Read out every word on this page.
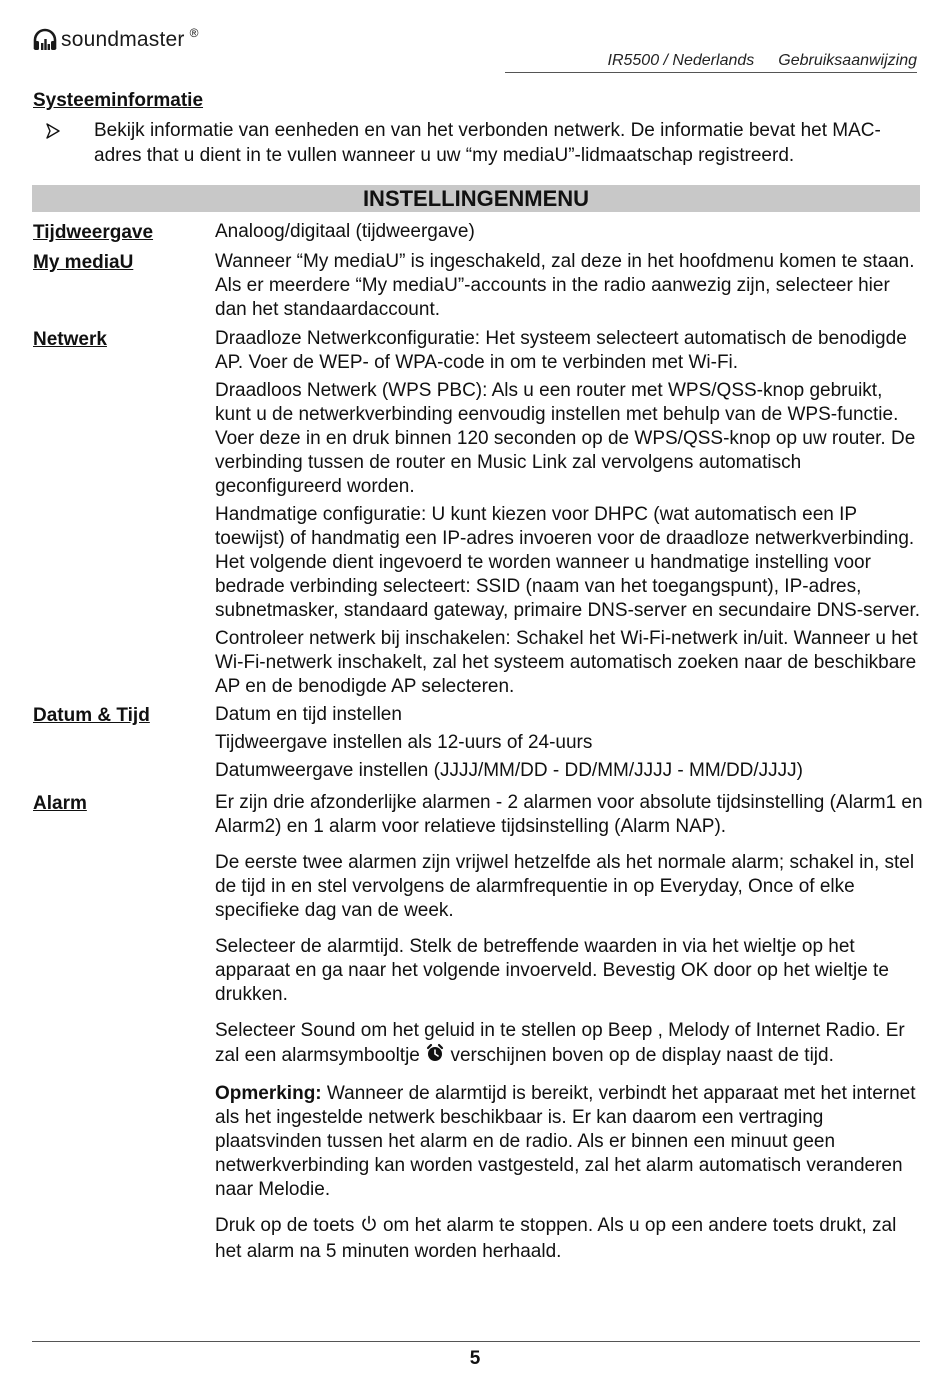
soundmaster ®
IR5500 / Nederlands Gebruiksaanwijzing
Systeeminformatie
Bekijk informatie van eenheden en van het verbonden netwerk. De informatie bevat het MAC-adres that u dient in te vullen wanneer u uw “my mediaU”-lidmaatschap registreerd.
INSTELLINGENMENU
Tijdweergave	Analoog/digitaal (tijdweergave)

My mediaU	Wanneer “My mediaU” is ingeschakeld, zal deze in het hoofdmenu komen te staan. Als er meerdere “My mediaU”-accounts in the radio aanwezig zijn, selecteer hier dan het standaardaccount.

Netwerk	Draadloze Netwerkconfiguratie: Het systeem selecteert automatisch de benodigde AP. Voer de WEP- of WPA-code in om te verbinden met Wi-Fi.

Draadloos Netwerk (WPS PBC): Als u een router met WPS/QSS-knop gebruikt, kunt u de netwerkverbinding eenvoudig instellen met behulp van de WPS-functie. Voer deze in en druk binnen 120 seconden op de WPS/QSS-knop op uw router. De verbinding tussen de router en Music Link zal vervolgens automatisch geconfigureerd worden.

Handmatige configuratie: U kunt kiezen voor DHPC (wat automatisch een IP toewijst) of handmatig een IP-adres invoeren voor de draadloze netwerkverbinding. Het volgende dient ingevoerd te worden wanneer u handmatige instelling voor bedrade verbinding selecteert: SSID (naam van het toegangspunt), IP-adres, subnetmasker, standaard gateway, primaire DNS-server en secundaire DNS-server.

Controleer netwerk bij inschakelen: Schakel het Wi-Fi-netwerk in/uit. Wanneer u het Wi-Fi-netwerk inschakelt, zal het systeem automatisch zoeken naar de beschikbare AP en de benodigde AP selecteren.

Datum & Tijd	Datum en tijd instellen

Tijdweergave instellen als 12-uurs of 24-uurs

Datumweergave instellen (JJJJ/MM/DD - DD/MM/JJJJ - MM/DD/JJJJ)

Alarm	Er zijn drie afzonderlijke alarmen - 2 alarmen voor absolute tijdsinstelling (Alarm1 en Alarm2) en 1 alarm voor relatieve tijdsinstelling (Alarm NAP).

De eerste twee alarmen zijn vrijwel hetzelfde als het normale alarm; schakel in, stel de tijd in en stel vervolgens de alarmfrequentie in op Everyday, Once of elke specifieke dag van de week.

Selecteer de alarmtijd. Stelk de betreffende waarden in via het wieltje op het apparaat en ga naar het volgende invoerveld. Bevestig OK door op het wieltje te drukken.

Selecteer Sound om het geluid in te stellen op Beep , Melody of Internet Radio. Er zal een alarmsymbooltje verschijnen boven op de display naast de tijd.

Opmerking: Wanneer de alarmtijd is bereikt, verbindt het apparaat met het internet als het ingestelde netwerk beschikbaar is. Er kan daarom een vertraging plaatsvinden tussen het alarm en de radio. Als er binnen een minuut geen netwerkverbinding kan worden vastgesteld, zal het alarm automatisch veranderen naar Melodie.

Druk op de toets om het alarm te stoppen. Als u op een andere toets drukt, zal het alarm na 5 minuten worden herhaald.

5
